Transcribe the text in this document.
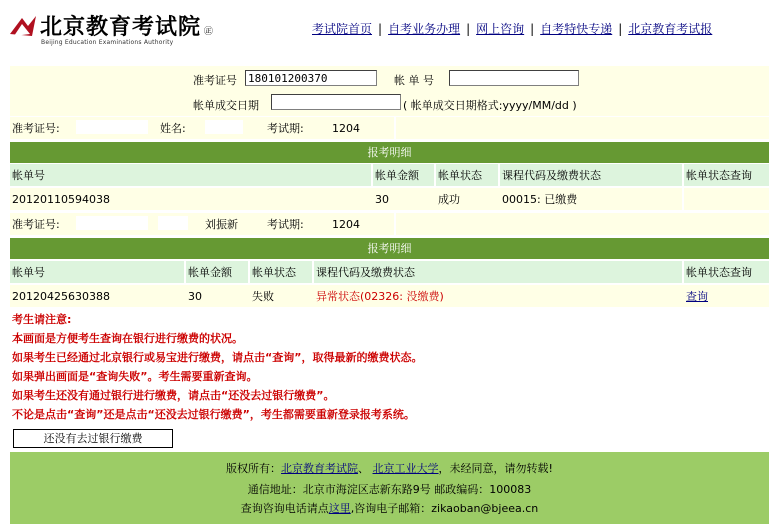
北京教育考试院 ㊣
Beijing Education Examinations Authority
考试院首页 | 自考业务办理 | 网上咨询 | 自考特快专递 | 北京教育考试报
准考证号
180101200370	帐 单 号
帐单成交日期	( 帐单成交日期格式:yyyy/MM/dd )
准考证号:	姓名:	考试期:	1204
报考明细
帐单号	帐单金额 帐单状态 课程代码及缴费状态	帐单状态查询
20120110594038	30	成功	00015: 已缴费
准考证号:	刘振新	考试期:	1204
报考明细
帐单号	帐单金额 帐单状态 课程代码及缴费状态	帐单状态查询
20120425630388	30	失败	异常状态(02326: 没缴费)	查询
考生请注意:
本画面是方便考生查询在银行进行缴费的状况。
如果考生已经通过北京银行或易宝进行缴费，请点击“查询”，取得最新的缴费状态。
如果弹出画面是“查询失败”。考生需要重新查询。
如果考生还没有通过银行进行缴费，请点击“还没去过银行缴费”。
不论是点击“查询”还是点击“还没去过银行缴费”，考生都需要重新登录报考系统。
还没有去过银行缴费
版权所有：北京教育考试院、 北京工业大学，未经同意，请勿转载!
通信地址：北京市海淀区志新东路9号 邮政编码：100083
查询咨询电话请点这里,咨询电子邮箱：zikaoban@bjeea.cn
